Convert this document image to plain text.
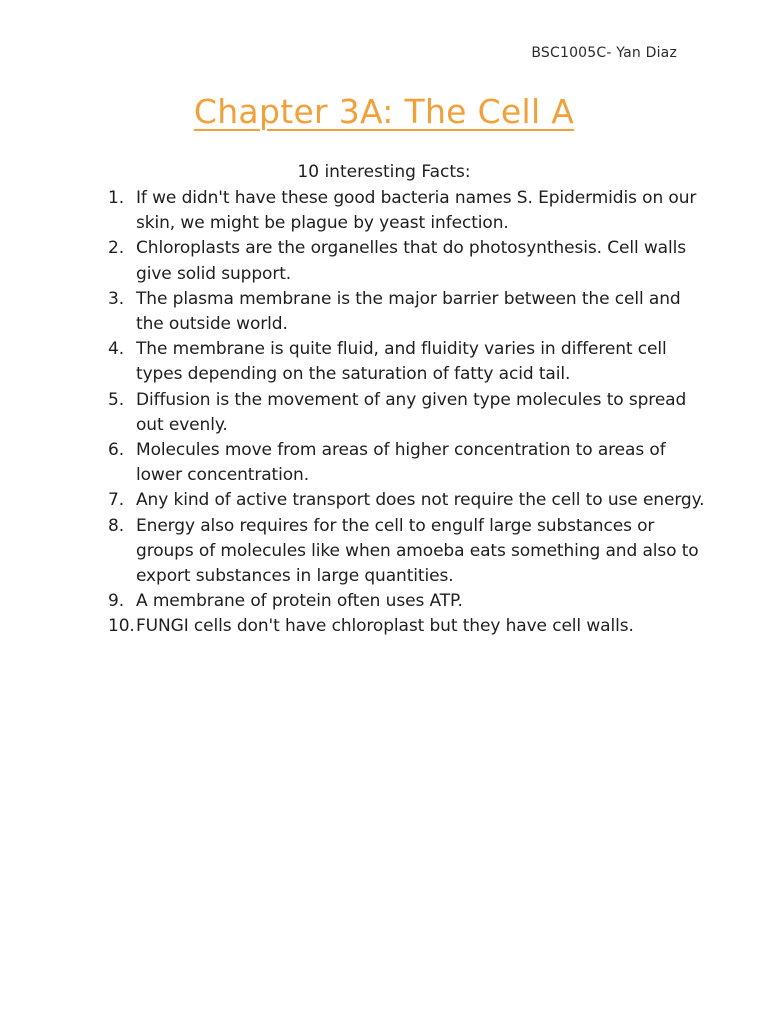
BSC1005C- Yan Diaz
Chapter 3A: The Cell A
10 interesting Facts:
1. If we didn't have these good bacteria names S. Epidermidis on our skin, we might be plague by yeast infection.
2. Chloroplasts are the organelles that do photosynthesis. Cell walls give solid support.
3. The plasma membrane is the major barrier between the cell and the outside world.
4. The membrane is quite fluid, and fluidity varies in different cell types depending on the saturation of fatty acid tail.
5. Diffusion is the movement of any given type molecules to spread out evenly.
6. Molecules move from areas of higher concentration to areas of lower concentration.
7. Any kind of active transport does not require the cell to use energy.
8. Energy also requires for the cell to engulf large substances or groups of molecules like when amoeba eats something and also to export substances in large quantities.
9. A membrane of protein often uses ATP.
10. FUNGI cells don't have chloroplast but they have cell walls.
